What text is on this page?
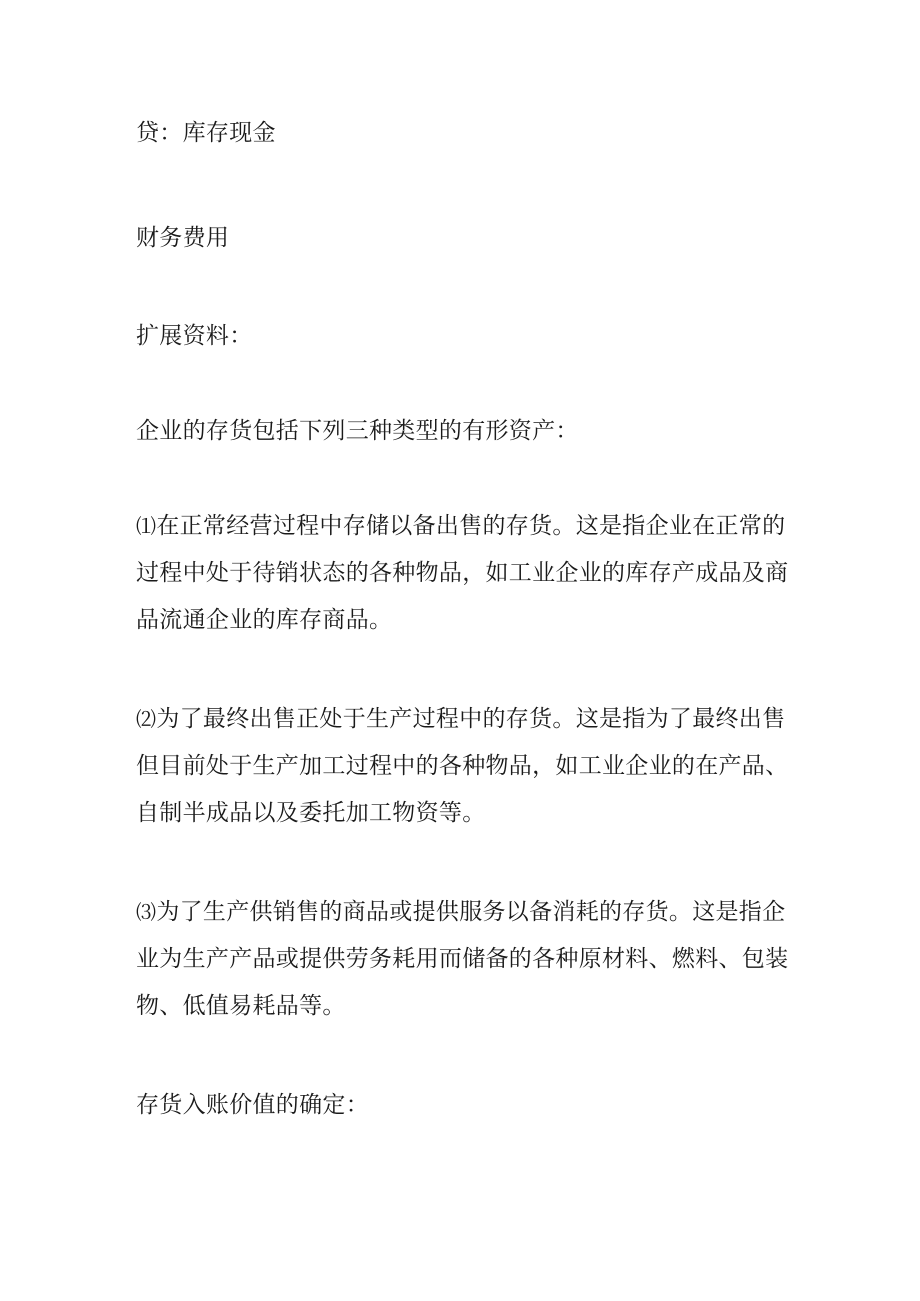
贷：库存现金

财务费用

扩展资料：

企业的存货包括下列三种类型的有形资产：

⑴在正常经营过程中存储以备出售的存货。这是指企业在正常的
过程中处于待销状态的各种物品，如工业企业的库存产成品及商
品流通企业的库存商品。
⑵为了最终出售正处于生产过程中的存货。这是指为了最终出售
但目前处于生产加工过程中的各种物品，如工业企业的在产品、
自制半成品以及委托加工物资等。
⑶为了生产供销售的商品或提供服务以备消耗的存货。这是指企
业为生产产品或提供劳务耗用而储备的各种原材料、燃料、包装
物、低值易耗品等。

存货入账价值的确定：
